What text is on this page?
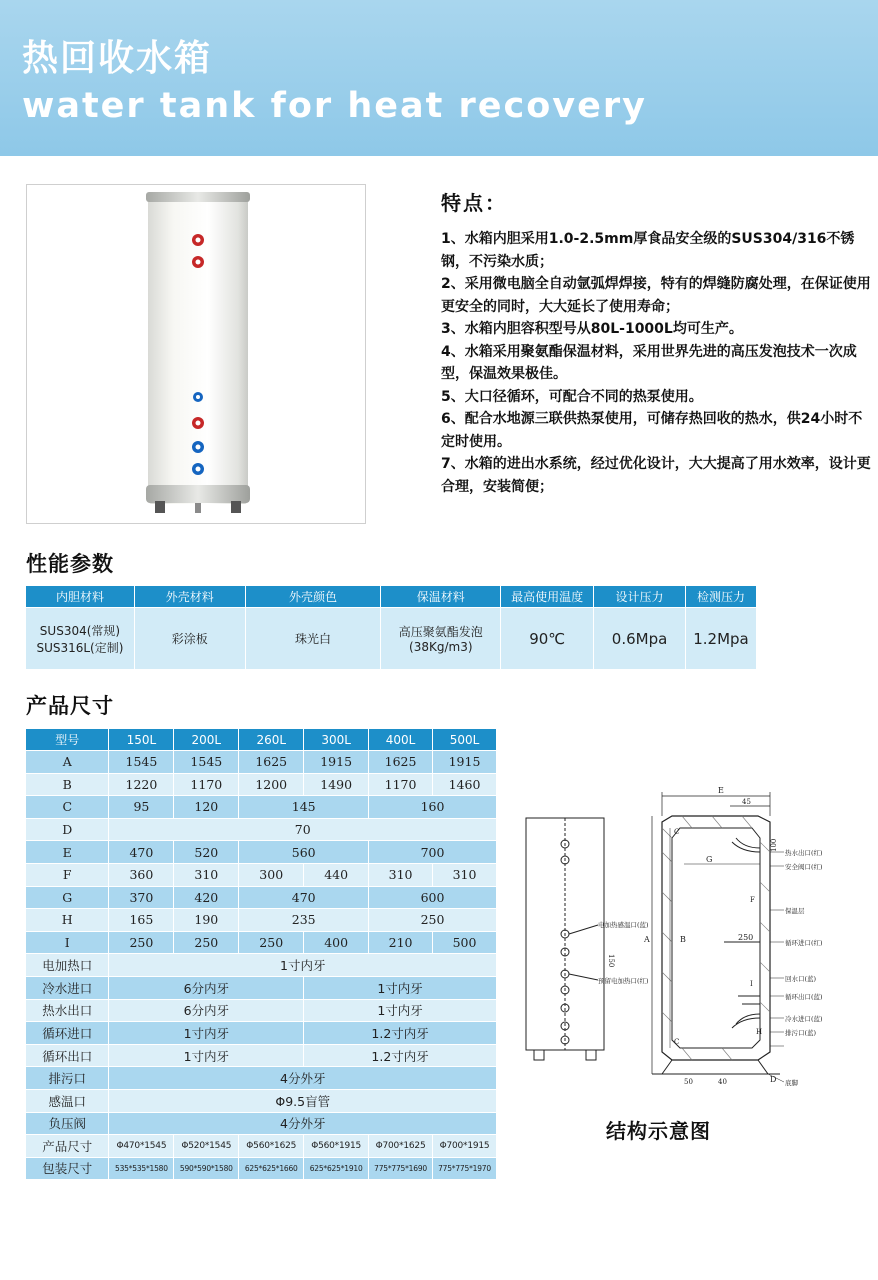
热回收水箱
water tank for heat recovery
特点：
1、水箱内胆采用1.0-2.5mm厚食品安全级的SUS304/316不锈钢，不污染水质；
2、采用微电脑全自动氩弧焊焊接，特有的焊缝防腐处理，在保证使用更安全的同时，大大延长了使用寿命；
3、水箱内胆容积型号从80L-1000L均可生产。
4、水箱采用聚氨酯保温材料，采用世界先进的高压发泡技术一次成型，保温效果极佳。
5、大口径循环，可配合不同的热泵使用。
6、配合水地源三联供热泵使用，可储存热回收的热水，供24小时不定时使用。
7、水箱的进出水系统，经过优化设计，大大提高了用水效率，设计更合理，安装简便；
性能参数
内胆材料	外壳材料	外壳颜色	保温材料	最高使用温度	设计压力	检测压力
SUS304(常规)
SUS316L(定制)	彩涂板	珠光白	高压聚氨酯发泡
(38Kg/m3)	90℃	0.6Mpa	1.2Mpa
产品尺寸
型号	150L	200L	260L	300L	400L	500L
A	1545	1545	1625	1915	1625	1915
B	1220	1170	1200	1490	1170	1460
C	95	120	145		160	
D	70					
E	470	520	560		700	
F	360	310	300	440	310	310
G	370	420	470		600	
H	165	190	235		250	
I	250	250	250	400	210	500
电加热口	1寸内牙					
冷水进口	6分内牙			1寸内牙		
热水出口	6分内牙			1寸内牙		
循环进口	1寸内牙			1.2寸内牙		
循环出口	1寸内牙			1.2寸内牙		
排污口	4分外牙					
感温口	Φ9.5盲管					
负压阀	4分外牙					
产品尺寸	Φ470*1545	Φ520*1545	Φ560*1625	Φ560*1915	Φ700*1625	Φ700*1915
包装尺寸	535*535*1580	590*590*1580	625*625*1660	625*625*1910	775*775*1690	775*775*1970
电加热感温口(蓝)
预留电加热口(红)
150
E
45
A	B
C
C
G
F
250
I
H
100
50	40	D
热水出口(红)
安全阀口(红)
保温层
循环进口(红)
回水口(蓝)
循环出口(蓝)
冷水进口(蓝)
排污口(蓝)
底脚
结构示意图
